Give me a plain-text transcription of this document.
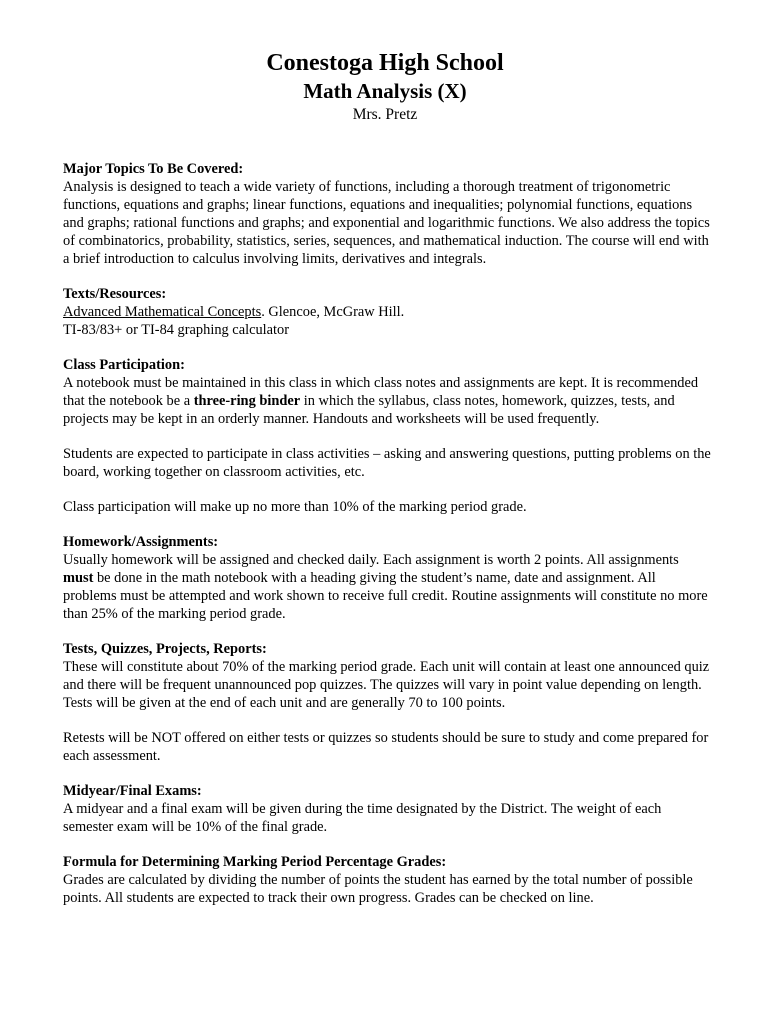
Conestoga High School
Math Analysis (X)
Mrs. Pretz

Major Topics To Be Covered:

Analysis is designed to teach a wide variety of functions, including a thorough treatment of trigonometric functions, equations and graphs; linear functions, equations and inequalities; polynomial functions, equations and graphs; rational functions and graphs; and exponential and logarithmic functions. We also address the topics of combinatorics, probability, statistics, series, sequences, and mathematical induction. The course will end with a brief introduction to calculus involving limits, derivatives and integrals.

Texts/Resources:

Advanced Mathematical Concepts. Glencoe, McGraw Hill.

TI-83/83+ or TI-84 graphing calculator

Class Participation:

A notebook must be maintained in this class in which class notes and assignments are kept. It is recommended that the notebook be a three-ring binder in which the syllabus, class notes, homework, quizzes, tests, and projects may be kept in an orderly manner. Handouts and worksheets will be used frequently.

Students are expected to participate in class activities – asking and answering questions, putting problems on the board, working together on classroom activities, etc.

Class participation will make up no more than 10% of the marking period grade.

Homework/Assignments:

Usually homework will be assigned and checked daily. Each assignment is worth 2 points. All assignments must be done in the math notebook with a heading giving the student’s name, date and assignment. All problems must be attempted and work shown to receive full credit. Routine assignments will constitute no more than 25% of the marking period grade.

Tests, Quizzes, Projects, Reports:

These will constitute about 70% of the marking period grade. Each unit will contain at least one announced quiz and there will be frequent unannounced pop quizzes. The quizzes will vary in point value depending on length. Tests will be given at the end of each unit and are generally 70 to 100 points.

Retests will be NOT offered on either tests or quizzes so students should be sure to study and come prepared for each assessment.

Midyear/Final Exams:

A midyear and a final exam will be given during the time designated by the District. The weight of each semester exam will be 10% of the final grade.

Formula for Determining Marking Period Percentage Grades:

Grades are calculated by dividing the number of points the student has earned by the total number of possible points. All students are expected to track their own progress. Grades can be checked on line.
